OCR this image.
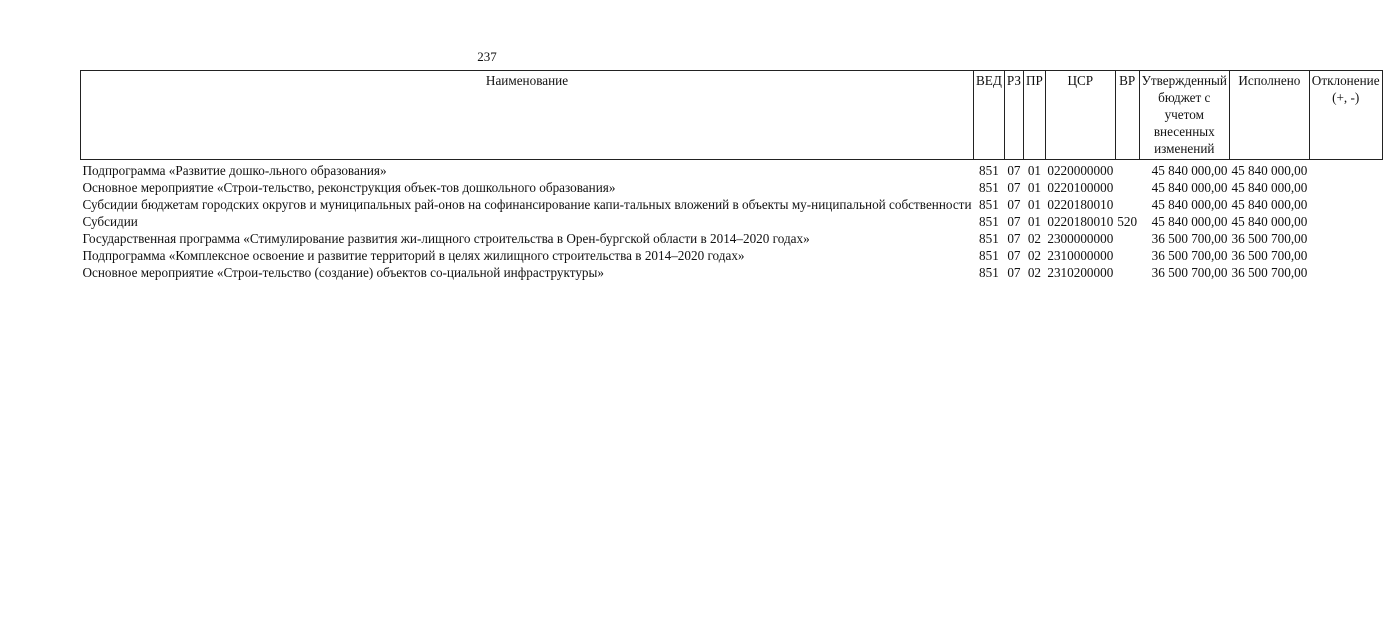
237
Наименование	ВЕД	РЗ	ПР	ЦСР	ВР	Утвержденный бюджет с учетом внесенных изменений	Исполнено	Отклонение (+, -)
Подпрограмма «Развитие дошко-льного образования»	851	07	01	0220000000		45 840 000,00	45 840 000,00	
Основное мероприятие «Строи-тельство, реконструкция объек-тов дошкольного образования»	851	07	01	0220100000		45 840 000,00	45 840 000,00	
Субсидии бюджетам городских округов и муниципальных рай-онов на софинансирование капи-тальных вложений в объекты му-ниципальной собственности	851	07	01	0220180010		45 840 000,00	45 840 000,00	
Субсидии	851	07	01	0220180010	520	45 840 000,00	45 840 000,00	
Государственная программа «Стимулирование развития жи-лищного строительства в Орен-бургской области в 2014–2020 годах»	851	07	02	2300000000		36 500 700,00	36 500 700,00	
Подпрограмма «Комплексное освоение и развитие территорий в целях жилищного строительства в 2014–2020 годах»	851	07	02	2310000000		36 500 700,00	36 500 700,00	
Основное мероприятие «Строи-тельство (создание) объектов со-циальной инфраструктуры»	851	07	02	2310200000		36 500 700,00	36 500 700,00	
